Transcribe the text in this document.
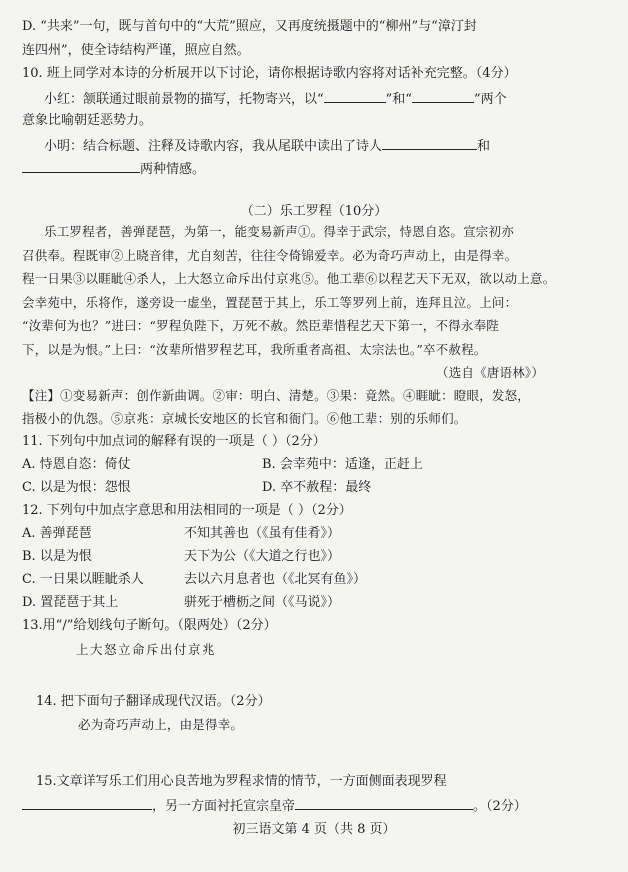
D. “共来”一句，既与首句中的“大荒”照应，又再度统摄题中的“柳州”与“漳汀封
连四州”，使全诗结构严谨，照应自然。
10. 班上同学对本诗的分析展开以下讨论，请你根据诗歌内容将对话补充完整。（4分）
小红：颔联通过眼前景物的描写，托物寄兴，以“	”和“	”两个
意象比喻朝廷恶势力。
小明：结合标题、注释及诗歌内容，我从尾联中读出了诗人	和
两种情感。
（二）乐工罗程（10分）
乐工罗程者，善弹琵琶，为第一，能变易新声①。得幸于武宗，恃恩自恣。宣宗初亦
召供奉。程既审②上晓音律，尤自刻苦，往往令倚锦爱幸。必为奇巧声动上，由是得幸。
程一日果③以睚眦④杀人，上大怒立命斥出付京兆⑤。他工辈⑥以程艺天下无双，欲以动上意。
会幸苑中，乐将作，遂旁设一虚坐，置琵琶于其上，乐工等罗列上前，连拜且泣。上问：
“汝辈何为也？”进曰：“罗程负陛下，万死不赦。然臣辈惜程艺天下第一，不得永奉陛
下，以是为恨。”上曰：“汝辈所惜罗程艺耳，我所重者高祖、太宗法也。”卒不赦程。
（选自《唐语林》）
【注】①变易新声：创作新曲调。②审：明白、清楚。③果：竟然。④睚眦：瞪眼，发怒，
指极小的仇怨。⑤京兆：京城长安地区的长官和衙门。⑥他工辈：别的乐师们。
11. 下列句中加点词的解释有误的一项是（ ）（2分）
A. 恃恩自恣：倚仗	B. 会幸苑中：适逢，正赶上
C. 以是为恨：怨恨	D. 卒不赦程：最终
12. 下列句中加点字意思和用法相同的一项是（ ）（2分）
A. 善弹琵琶	不知其善也（《虽有佳肴》）
B. 以是为恨	天下为公（《大道之行也》）
C. 一日果以睚眦杀人	去以六月息者也（《北冥有鱼》）
D. 置琵琶于其上	骈死于槽枥之间（《马说》）
13.用“/”给划线句子断句。（限两处）（2分）
上大怒立命斥出付京兆
14. 把下面句子翻译成现代汉语。（2分）
必为奇巧声动上，由是得幸。
15.文章详写乐工们用心良苦地为罗程求情的情节，一方面侧面表现罗程
，另一方面衬托宣宗皇帝	。（2分）
初三语文第 4 页（共 8 页）
